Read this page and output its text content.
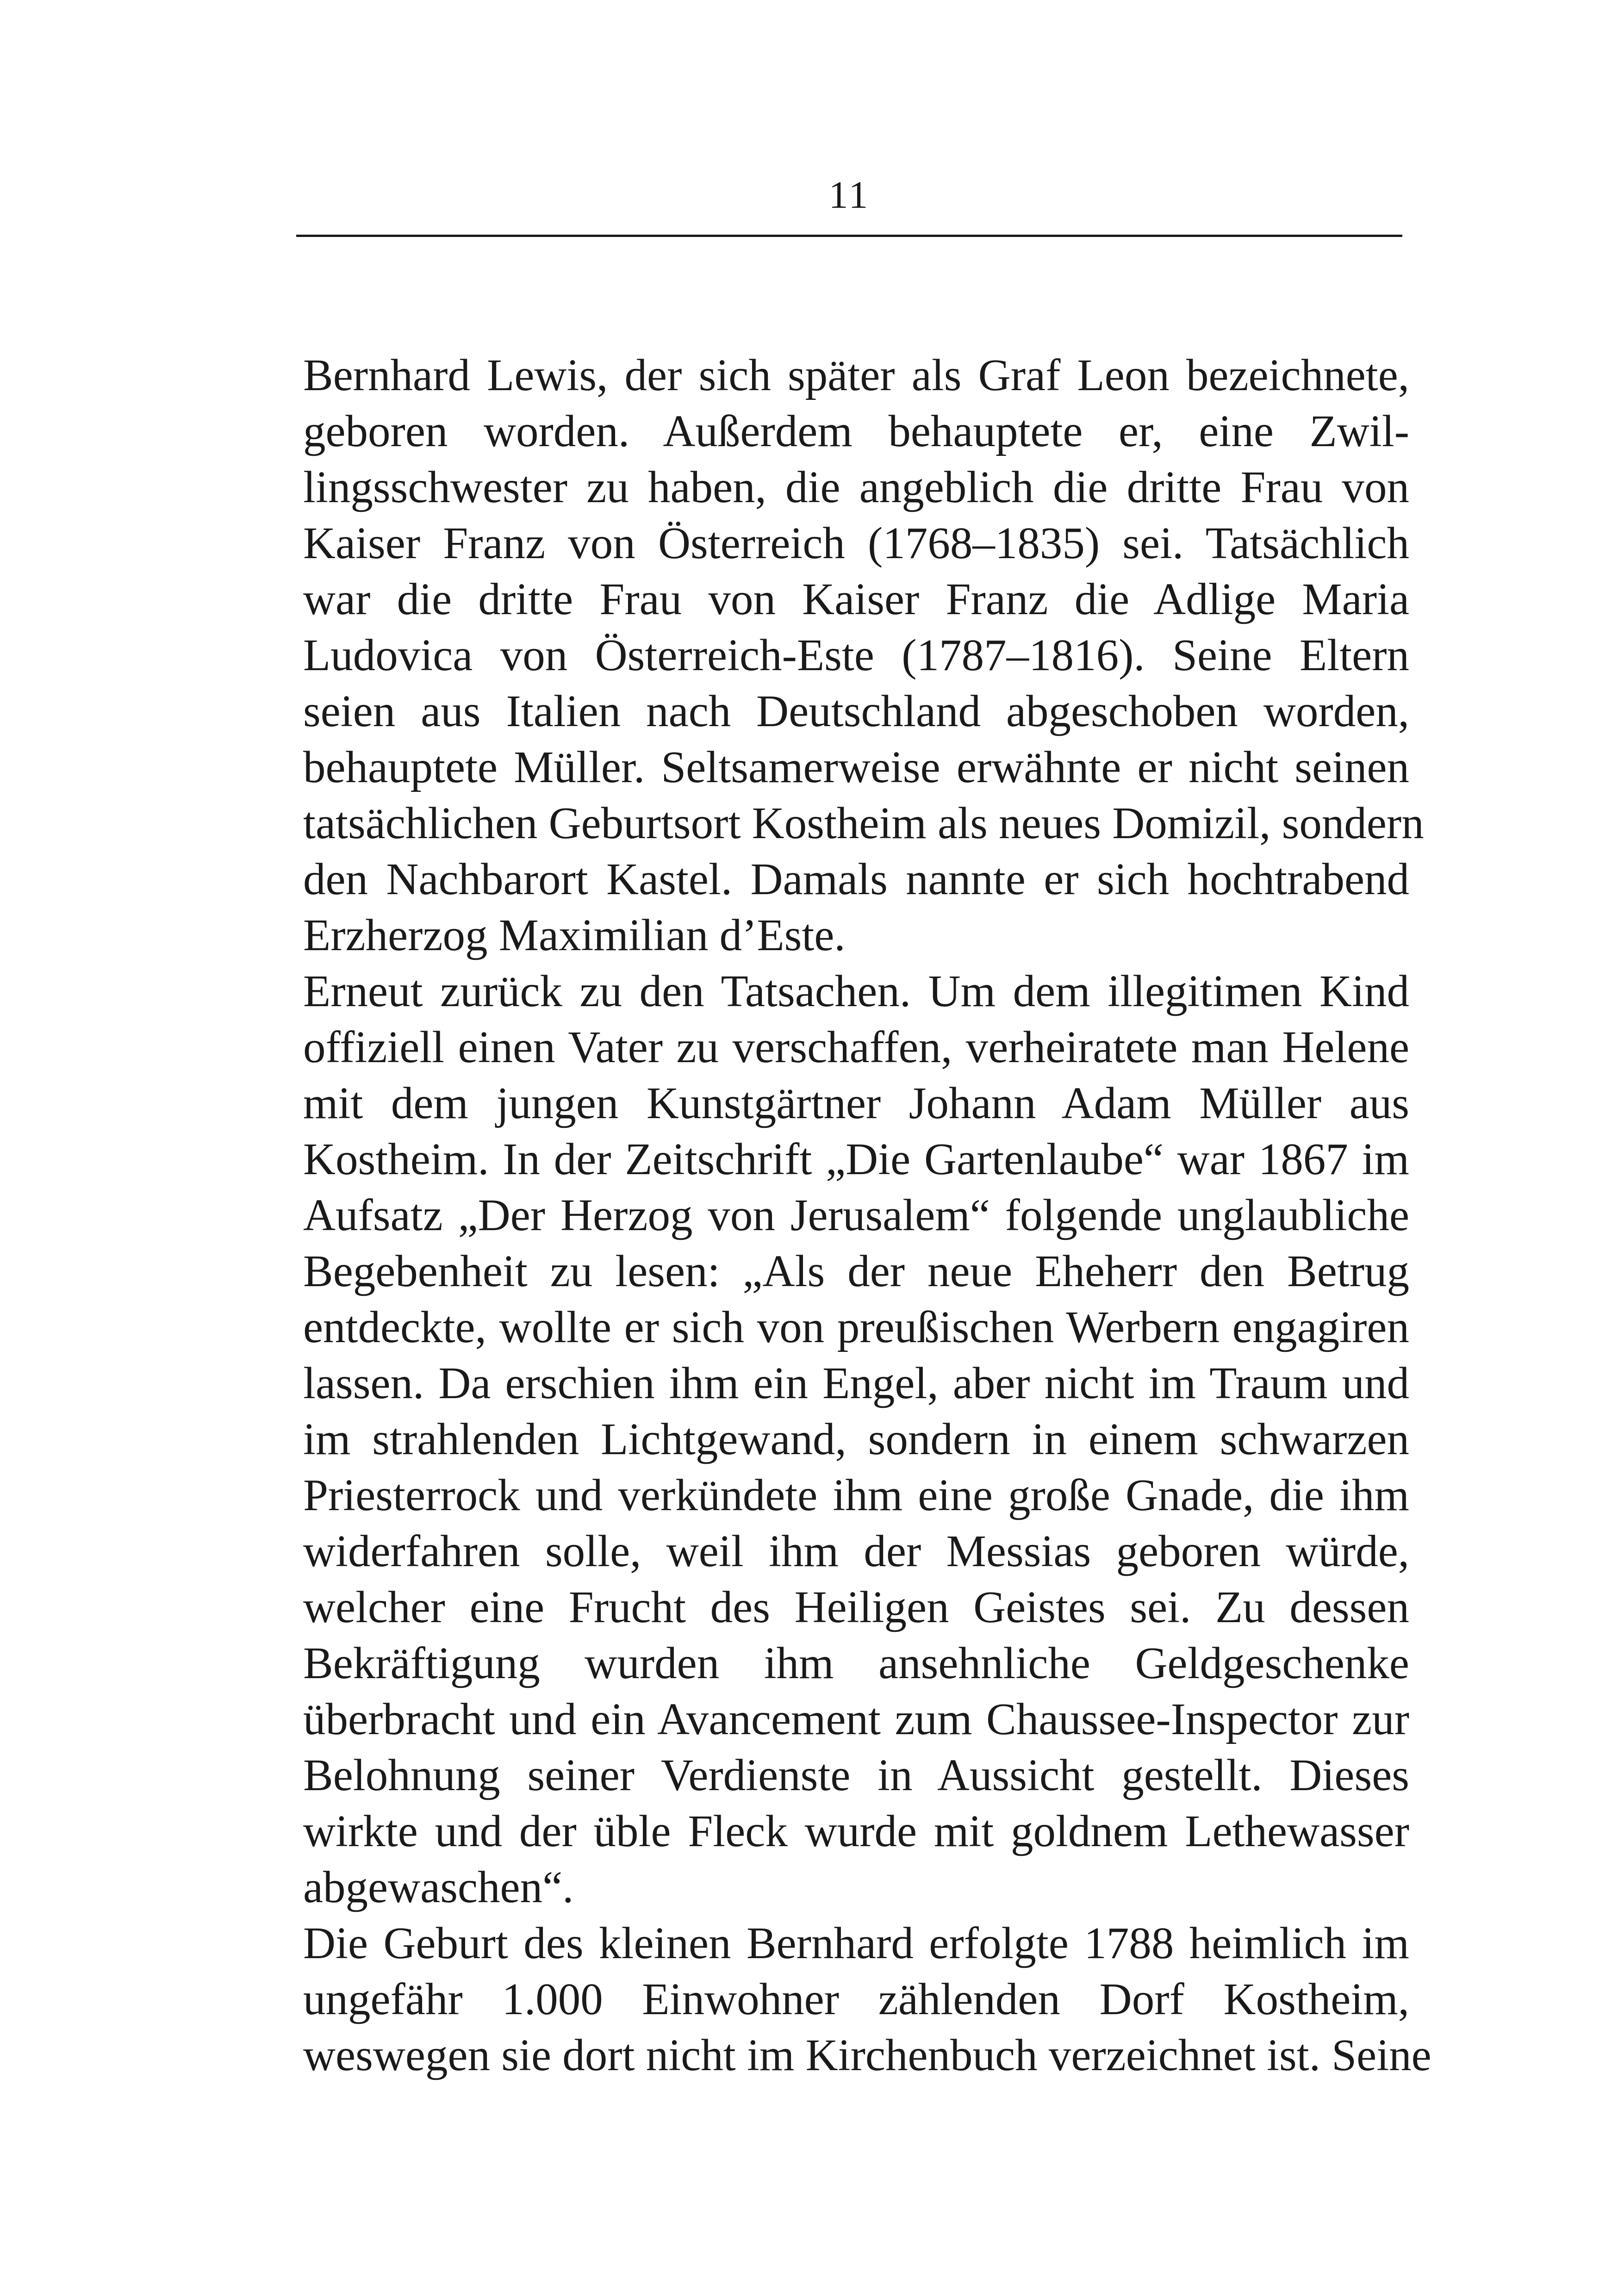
11
Bernhard Lewis, der sich später als Graf Leon bezeichnete,
geboren worden. Außerdem behauptete er, eine Zwil-
lingsschwester zu haben, die angeblich die dritte Frau von
Kaiser Franz von Österreich (1768–1835) sei. Tatsächlich
war die dritte Frau von Kaiser Franz die Adlige Maria
Ludovica von Österreich-Este (1787–1816). Seine Eltern
seien aus Italien nach Deutschland abgeschoben worden,
behauptete Müller. Seltsamerweise erwähnte er nicht seinen
tatsächlichen Geburtsort Kostheim als neues Domizil, sondern
den Nachbarort Kastel. Damals nannte er sich hochtrabend
Erzherzog Maximilian d’Este.
Erneut zurück zu den Tatsachen. Um dem illegitimen Kind
offiziell einen Vater zu verschaffen, verheiratete man Helene
mit dem jungen Kunstgärtner Johann Adam Müller aus
Kostheim. In der Zeitschrift „Die Gartenlaube“ war 1867 im
Aufsatz „Der Herzog von Jerusalem“ folgende unglaubliche
Begebenheit zu lesen: „Als der neue Eheherr den Betrug
entdeckte, wollte er sich von preußischen Werbern engagiren
lassen. Da erschien ihm ein Engel, aber nicht im Traum und
im strahlenden Lichtgewand, sondern in einem schwarzen
Priesterrock und verkündete ihm eine große Gnade, die ihm
widerfahren solle, weil ihm der Messias geboren würde,
welcher eine Frucht des Heiligen Geistes sei. Zu dessen
Bekräftigung wurden ihm ansehnliche Geldgeschenke
überbracht und ein Avancement zum Chaussee-Inspector zur
Belohnung seiner Verdienste in Aussicht gestellt. Dieses
wirkte und der üble Fleck wurde mit goldnem Lethewasser
abgewaschen“.
Die Geburt des kleinen Bernhard erfolgte 1788 heimlich im
ungefähr 1.000 Einwohner zählenden Dorf Kostheim,
weswegen sie dort nicht im Kirchenbuch verzeichnet ist. Seine
